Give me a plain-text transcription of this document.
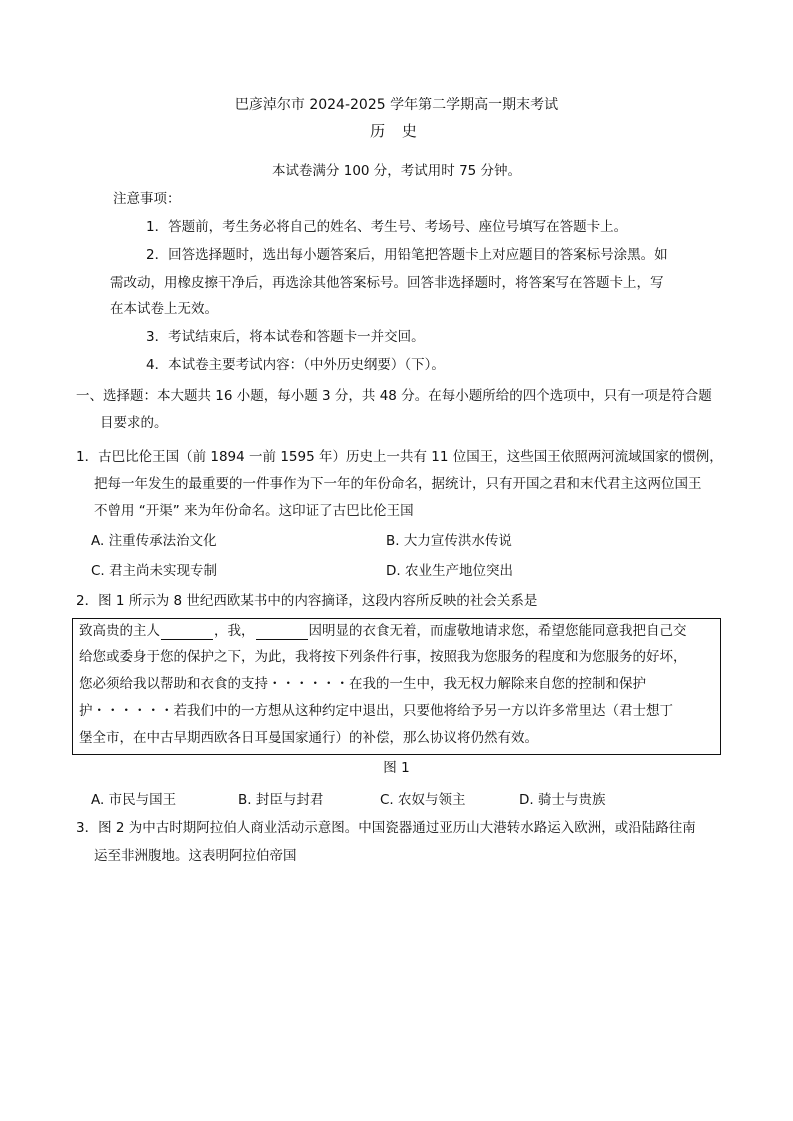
巴彦淖尔市 2024-2025 学年第二学期高一期末考试
历 史
本试卷满分 100 分，考试用时 75 分钟。
注意事项：
1．答题前，考生务必将自己的姓名、考生号、考场号、座位号填写在答题卡上。
2．回答选择题时，选出每小题答案后，用铅笔把答题卡上对应题目的答案标号涂黑。如
需改动，用橡皮擦干净后，再选涂其他答案标号。回答非选择题时，将答案写在答题卡上，写
在本试卷上无效。
3．考试结束后，将本试卷和答题卡一并交回。
4．本试卷主要考试内容：（中外历史纲要）（下）。
一、选择题：本大题共 16 小题，每小题 3 分，共 48 分。在每小题所给的四个选项中，只有一项是符合题
目要求的。
1．古巴比伦王国（前 1894 一前 1595 年）历史上一共有 11 位国王，这些国王依照两河流域国家的惯例，
把每一年发生的最重要的一件事作为下一年的年份命名，据统计，只有开国之君和末代君主这两位国王
不曾用 “开渠” 来为年份命名。这印证了古巴比伦王国
A. 注重传承法治文化	B. 大力宣传洪水传说
C. 君主尚未实现专制	D. 农业生产地位突出
2．图 1 所示为 8 世纪西欧某书中的内容摘译，这段内容所反映的社会关系是
致高贵的主人	，我，	因明显的衣食无着，而虚敬地请求您，希望您能同意我把自己交
给您或委身于您的保护之下，为此，我将按下列条件行事，按照我为您服务的程度和为您服务的好坏，
您必须给我以帮助和衣食的支持・・・・・・在我的一生中，我无权力解除来自您的控制和保护
护・・・・・・若我们中的一方想从这种约定中退出，只要他将给予另一方以许多常里达（君士想丁
堡全市，在中古早期西欧各日耳曼国家通行）的补偿，那么协议将仍然有效。
图 1
A. 市民与国王	B. 封臣与封君	C. 农奴与领主	D. 骑士与贵族
3．图 2 为中古时期阿拉伯人商业活动示意图。中国瓷器通过亚历山大港转水路运入欧洲，或沿陆路往南
运至非洲腹地。这表明阿拉伯帝国
